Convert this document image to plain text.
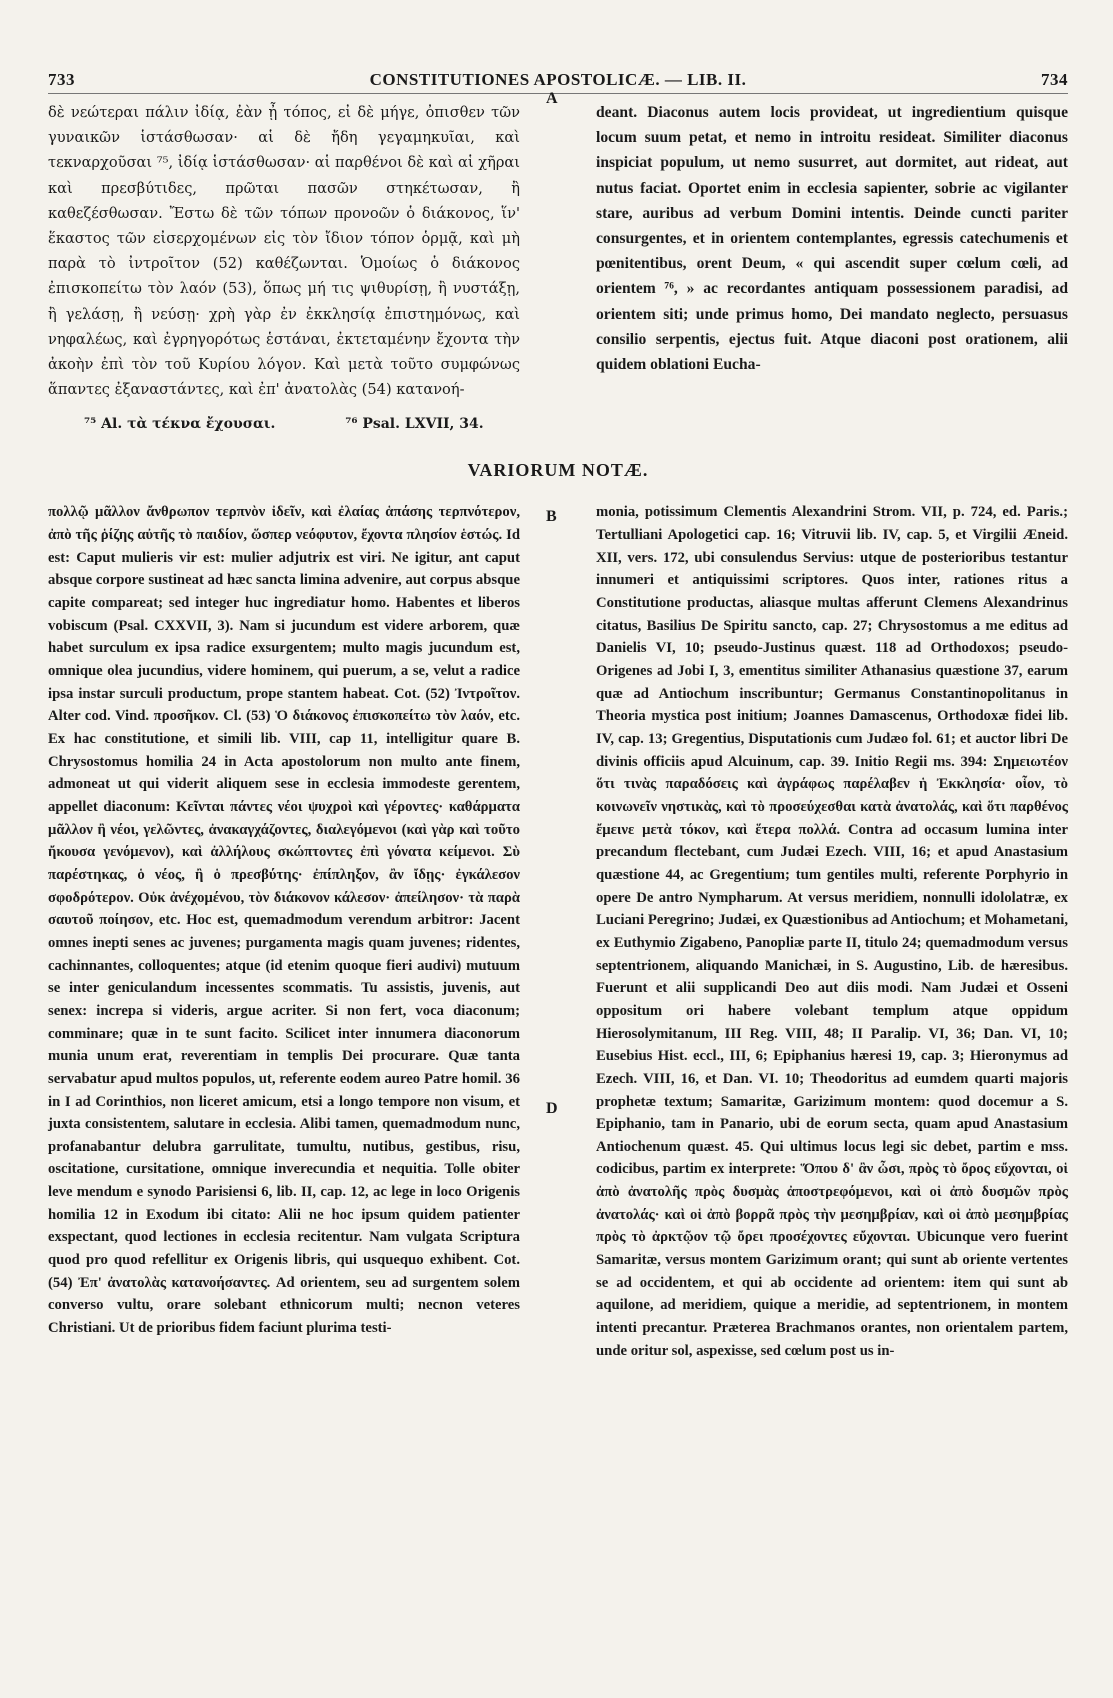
733	CONSTITUTIONES APOSTOLICÆ. — LIB. II.	734

δὲ νεώτεραι πάλιν ἰδίᾳ, ἐὰν ᾖ τόπος, εἰ δὲ μήγε, ὀπισθεν τῶν γυναικῶν ἱστάσθωσαν· αἱ δὲ ἤδη γεγαμηκυῖαι, καὶ τεκναρχοῦσαι ⁷⁵, ἰδίᾳ ἱστάσθωσαν· αἱ παρθένοι δὲ καὶ αἱ χῆραι καὶ πρεσβύτιδες, πρῶται πασῶν στηκέτωσαν, ἢ καθεζέσθωσαν. Ἔστω δὲ τῶν τόπων προνοῶν ὁ διάκονος, ἵν' ἕκαστος τῶν εἰσερχομένων εἰς τὸν ἴδιον τόπον ὁρμᾷ, καὶ μὴ παρὰ τὸ ἰντροῖτον (52) καθέζωνται. Ὁμοίως ὁ διάκονος ἐπισκοπείτω τὸν λαόν (53), ὅπως μή τις ψιθυρίσῃ, ἢ νυστάξῃ, ἢ γελάσῃ, ἢ νεύσῃ· χρὴ γὰρ ἐν ἐκκλησίᾳ ἐπιστημόνως, καὶ νηφαλέως, καὶ ἐγρηγορότως ἑστάναι, ἐκτεταμένην ἔχοντα τὴν ἀκοὴν ἐπὶ τὸν τοῦ Κυρίου λόγον. Καὶ μετὰ τοῦτο συμφώνως ἅπαντες ἐξαναστάντες, καὶ ἐπ' ἀνατολὰς (54) κατανοή-

deant. Diaconus autem locis provideat, ut ingredientium quisque locum suum petat, et nemo in introitu resideat. Similiter diaconus inspiciat populum, ut nemo susurret, aut dormitet, aut rideat, aut nutus faciat. Oportet enim in ecclesia sapienter, sobrie ac vigilanter stare, auribus ad verbum Domini intentis. Deinde cuncti pariter consurgentes, et in orientem contemplantes, egressis catechumenis et pœnitentibus, orent Deum, « qui ascendit super cœlum cœli, ad orientem ⁷⁶, » ac recordantes antiquam possessionem paradisi, ad orientem siti; unde primus homo, Dei mandato neglecto, persuasus consilio serpentis, ejectus fuit. Atque diaconi post orationem, alii quidem oblationi Eucha-

⁷⁵ Al. τὰ τέκνα ἔχουσαι.	⁷⁶ Psal. LXVII, 34.
VARIORUM NOTÆ.

πολλῷ μᾶλλον ἄνθρωπον τερπνὸν ἰδεῖν, καὶ ἐλαίας ἁπάσης τερπνότερον, ἀπὸ τῆς ῥίζης αὐτῆς τὸ παιδίον, ὥσπερ νεόφυτον, ἔχοντα πλησίον ἑστώς. Id est: Caput mulieris vir est: mulier adjutrix est viri. Ne igitur, ant caput absque corpore sustineat ad hæc sancta limina advenire, aut corpus absque capite compareat; sed integer huc ingrediatur homo. Habentes et liberos vobiscum (Psal. CXXVII, 3). Nam si jucundum est videre arborem, quæ habet surculum ex ipsa radice exsurgentem; multo magis jucundum est, omnique olea jucundius, videre hominem, qui puerum, a se, velut a radice ipsa instar surculi productum, prope stantem habeat. Cot. (52) Ἰντροῖτον. Alter cod. Vind. προσῆκον. Cl. (53) Ὁ διάκονος ἐπισκοπείτω τὸν λαόν, etc. Ex hac constitutione, et simili lib. VIII, cap 11, intelligitur quare B. Chrysostomus homilia 24 in Acta apostolorum non multo ante finem, admoneat ut qui viderit aliquem sese in ecclesia immodeste gerentem, appellet diaconum: Κεῖνται πάντες νέοι ψυχροὶ καὶ γέροντες· καθάρματα μᾶλλον ἢ νέοι, γελῶντες, ἀνακαγχάζοντες, διαλεγόμενοι (καὶ γὰρ καὶ τοῦτο ἤκουσα γενόμενον), καὶ ἀλλήλους σκώπτοντες ἐπὶ γόνατα κείμενοι. Σὺ παρέστηκας, ὁ νέος, ἢ ὁ πρεσβύτης· ἐπίπληξον, ἂν ἴδῃς· ἐγκάλεσον σφοδρότερον. Οὐκ ἀνέχομένου, τὸν διάκονον κάλεσον· ἀπείλησον· τὰ παρὰ σαυτοῦ ποίησον, etc. Hoc est, quemadmodum verendum arbitror: Jacent omnes inepti senes ac juvenes; purgamenta magis quam juvenes; ridentes, cachinnantes, colloquentes; atque (id etenim quoque fieri audivi) mutuum se inter geniculandum incessentes scommatis. Tu assistis, juvenis, aut senex: increpa si videris, argue acriter. Si non fert, voca diaconum; comminare; quæ in te sunt facito. Scilicet inter innumera diaconorum munia unum erat, reverentiam in templis Dei procurare. Quæ tanta servabatur apud multos populos, ut, referente eodem aureo Patre homil. 36 in I ad Corinthios, non liceret amicum, etsi a longo tempore non visum, et juxta consistentem, salutare in ecclesia. Alibi tamen, quemadmodum nunc, profanabantur delubra garrulitate, tumultu, nutibus, gestibus, risu, oscitatione, cursitatione, omnique inverecundia et nequitia. Tolle obiter leve mendum e synodo Parisiensi 6, lib. II, cap. 12, ac lege in loco Origenis homilia 12 in Exodum ibi citato: Alii ne hoc ipsum quidem patienter exspectant, quod lectiones in ecclesia recitentur. Nam vulgata Scriptura quod pro quod refellitur ex Origenis libris, qui usquequo exhibent. Cot. (54) Ἐπ' ἀνατολὰς κατανοήσαντες. Ad orientem, seu ad surgentem solem converso vultu, orare solebant ethnicorum multi; necnon veteres Christiani. Ut de prioribus fidem faciunt plurima testi-

monia, potissimum Clementis Alexandrini Strom. VII, p. 724, ed. Paris.; Tertulliani Apologetici cap. 16; Vitruvii lib. IV, cap. 5, et Virgilii Æneid. XII, vers. 172, ubi consulendus Servius: utque de posterioribus testantur innumeri et antiquissimi scriptores. Quos inter, rationes ritus a Constitutione productas, aliasque multas afferunt Clemens Alexandrinus citatus, Basilius De Spiritu sancto, cap. 27; Chrysostomus a me editus ad Danielis VI, 10; pseudo-Justinus quæst. 118 ad Orthodoxos; pseudo-Origenes ad Jobi I, 3, ementitus similiter Athanasius quæstione 37, earum quæ ad Antiochum inscribuntur; Germanus Constantinopolitanus in Theoria mystica post initium; Joannes Damascenus, Orthodoxæ fidei lib. IV, cap. 13; Gregentius, Disputationis cum Judæo fol. 61; et auctor libri De divinis officiis apud Alcuinum, cap. 39. Initio Regii ms. 394: Σημειωτέον ὅτι τινὰς παραδόσεις καὶ ἀγράφως παρέλαβεν ἡ Ἐκκλησία· οἷον, τὸ κοινωνεῖν νηστικὰς, καὶ τὸ προσεύχεσθαι κατὰ ἀνατολάς, καὶ ὅτι παρθένος ἔμεινε μετὰ τόκον, καὶ ἕτερα πολλά. Contra ad occasum lumina inter precandum flectebant, cum Judæi Ezech. VIII, 16; et apud Anastasium quæstione 44, ac Gregentium; tum gentiles multi, referente Porphyrio in opere De antro Nympharum. At versus meridiem, nonnulli idololatræ, ex Luciani Peregrino; Judæi, ex Quæstionibus ad Antiochum; et Mohametani, ex Euthymio Zigabeno, Panopliæ parte II, titulo 24; quemadmodum versus septentrionem, aliquando Manichæi, in S. Augustino, Lib. de hæresibus. Fuerunt et alii supplicandi Deo aut diis modi. Nam Judæi et Osseni oppositum ori habere volebant templum atque oppidum Hierosolymitanum, III Reg. VIII, 48; II Paralip. VI, 36; Dan. VI, 10; Eusebius Hist. eccl., III, 6; Epiphanius hæresi 19, cap. 3; Hieronymus ad Ezech. VIII, 16, et Dan. VI. 10; Theodoritus ad eumdem quarti majoris prophetæ textum; Samaritæ, Garizimum montem: quod docemur a S. Epiphanio, tam in Panario, ubi de eorum secta, quam apud Anastasium Antiochenum quæst. 45. Qui ultimus locus legi sic debet, partim e mss. codicibus, partim ex interprete: Ὅπου δ' ἂν ὦσι, πρὸς τὸ ὄρος εὔχονται, οἱ ἀπὸ ἀνατολῆς πρὸς δυσμὰς ἀποστρεφόμενοι, καὶ οἱ ἀπὸ δυσμῶν πρὸς ἀνατολάς· καὶ οἱ ἀπὸ βορρᾶ πρὸς τὴν μεσημβρίαν, καὶ οἱ ἀπὸ μεσημβρίας πρὸς τὸ ἀρκτῷον τῷ ὄρει προσέχοντες εὔχονται. Ubicunque vero fuerint Samaritæ, versus montem Garizimum orant; qui sunt ab oriente vertentes se ad occidentem, et qui ab occidente ad orientem: item qui sunt ab aquilone, ad meridiem, quique a meridie, ad septentrionem, in montem intenti precantur. Præterea Brachmanos orantes, non orientalem partem, unde oritur sol, aspexisse, sed cœlum post us in-

A
B
D
